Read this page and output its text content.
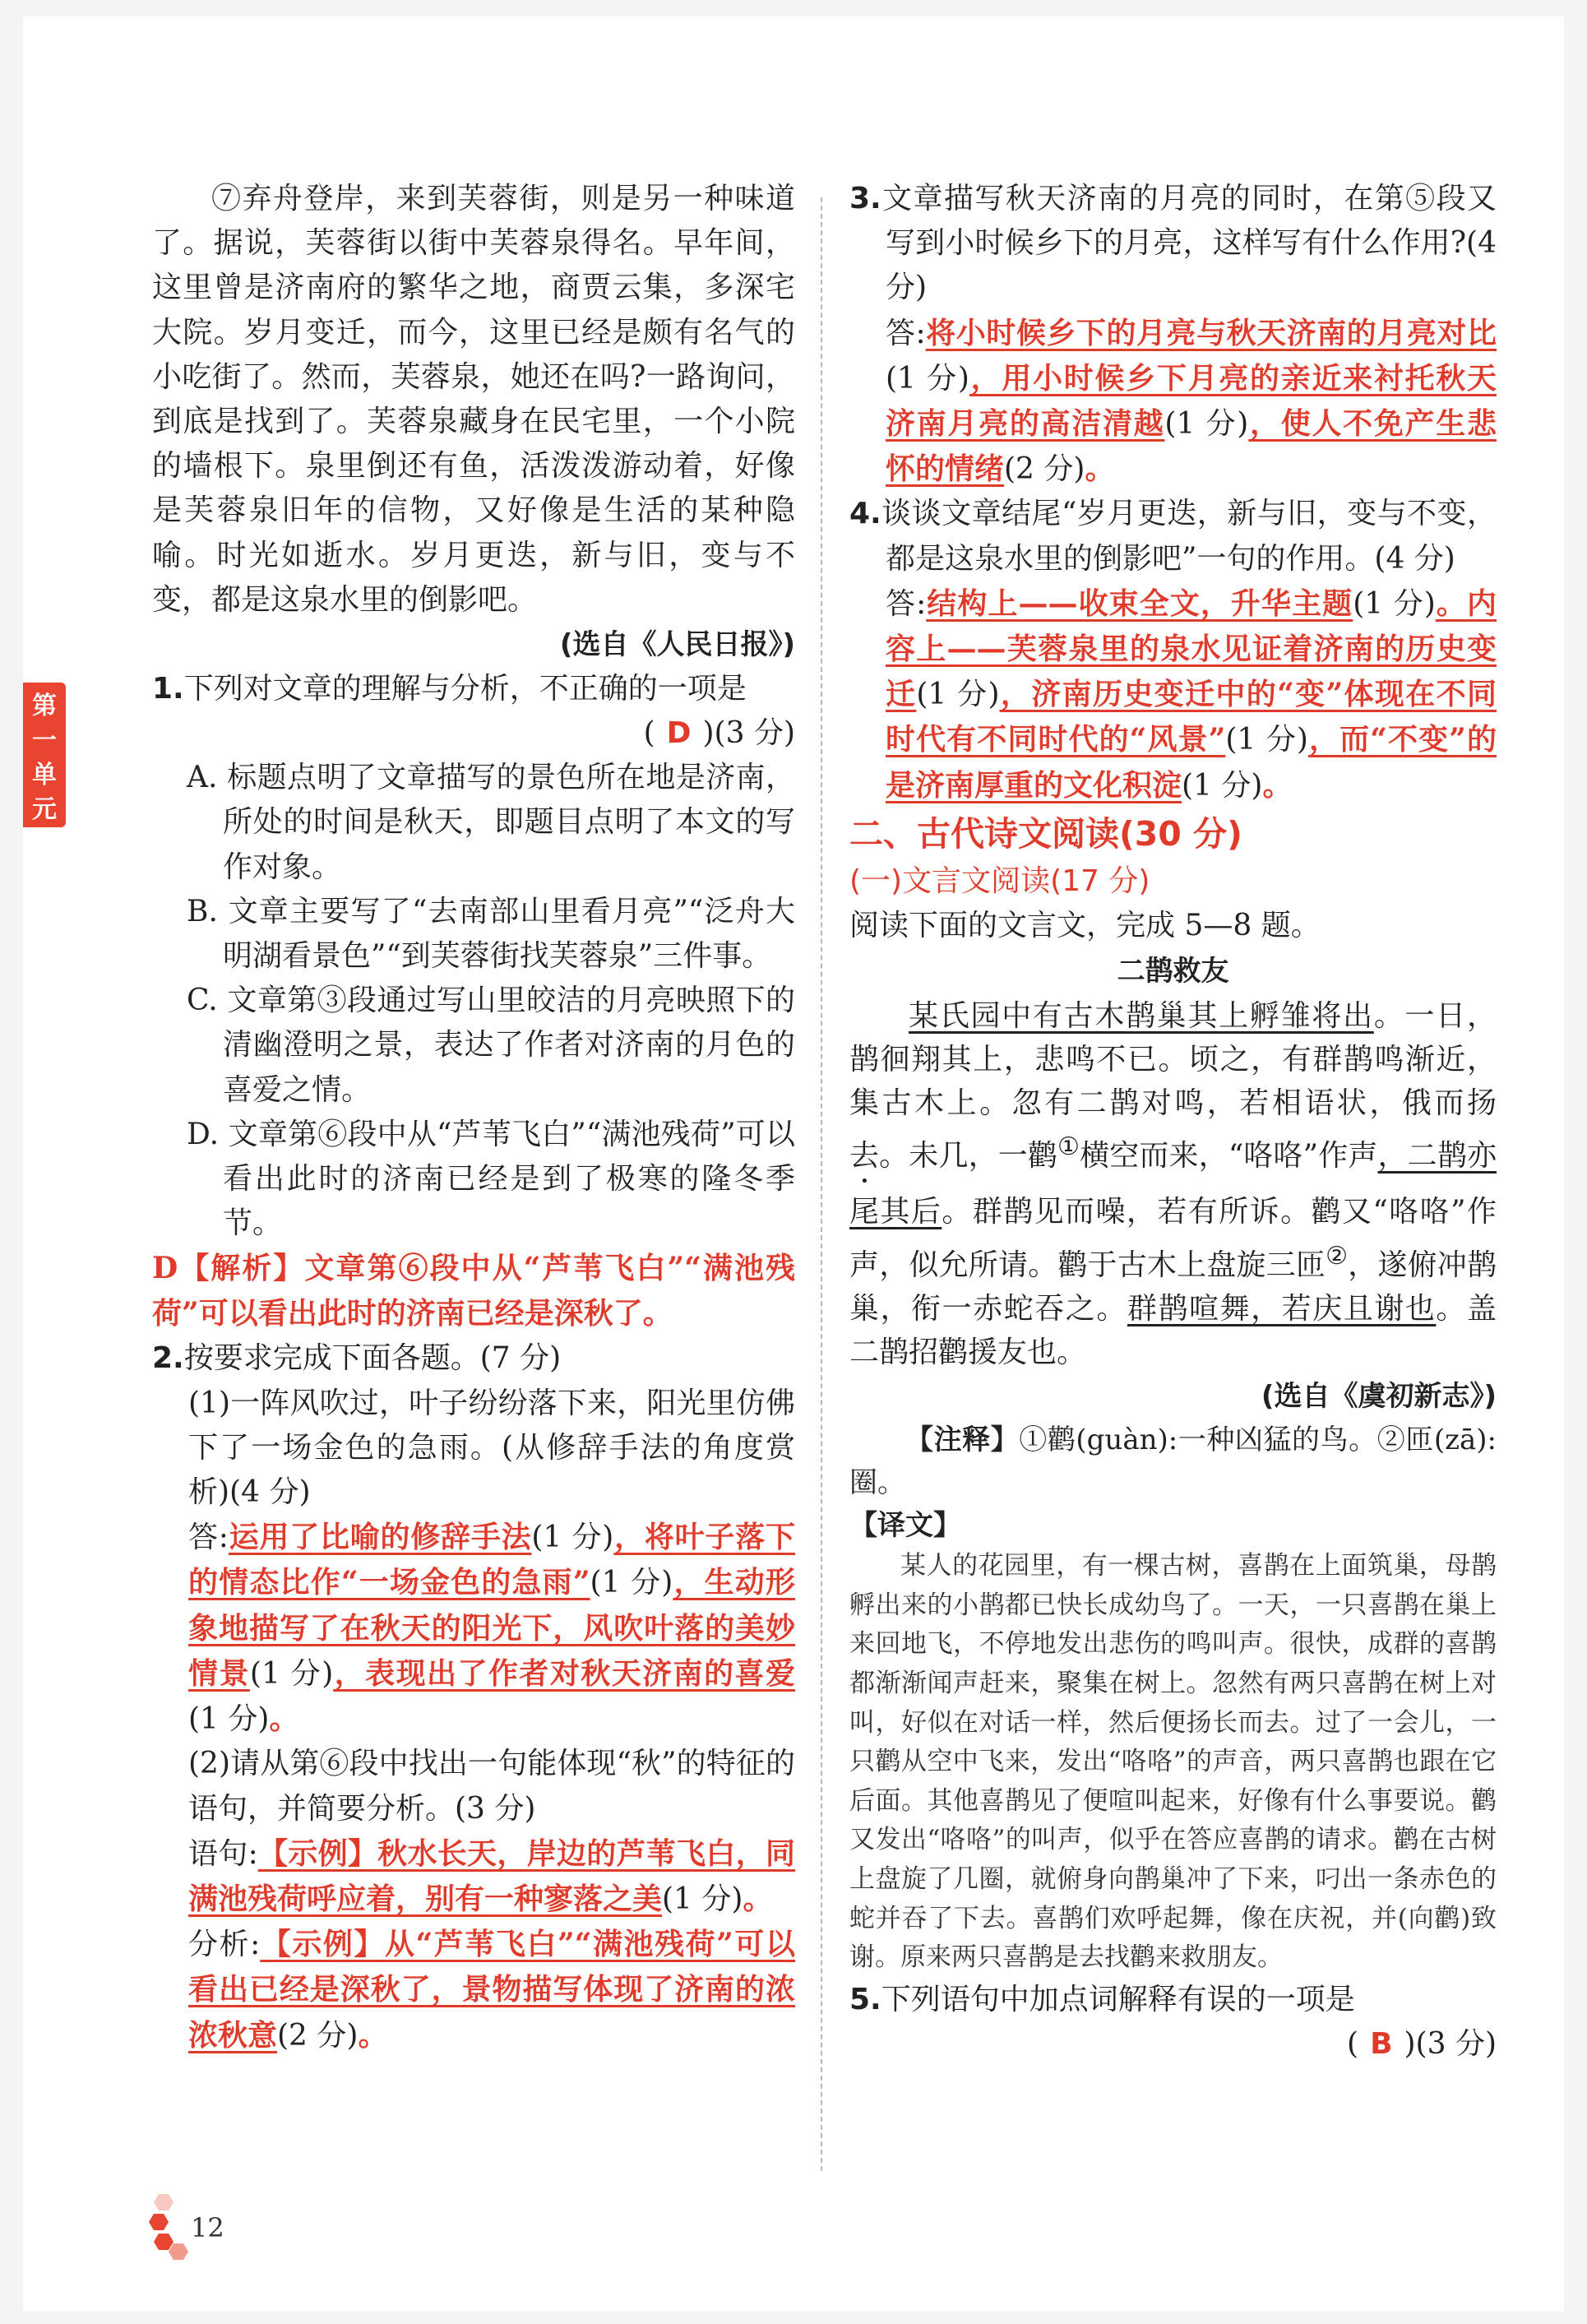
第一单元

⑦弃舟登岸，来到芙蓉街，则是另一种味道了。据说，芙蓉街以街中芙蓉泉得名。早年间，这里曾是济南府的繁华之地，商贾云集，多深宅大院。岁月变迁，而今，这里已经是颇有名气的小吃街了。然而，芙蓉泉，她还在吗?一路询问，到底是找到了。芙蓉泉藏身在民宅里，一个小院的墙根下。泉里倒还有鱼，活泼泼游动着，好像是芙蓉泉旧年的信物，又好像是生活的某种隐喻。时光如逝水。岁月更迭，新与旧，变与不变，都是这泉水里的倒影吧。

(选自《人民日报》)

1.下列对文章的理解与分析，不正确的一项是
( D )(3 分)
A. 标题点明了文章描写的景色所在地是济南，所处的时间是秋天，即题目点明了本文的写作对象。
B. 文章主要写了“去南部山里看月亮”“泛舟大明湖看景色”“到芙蓉街找芙蓉泉”三件事。
C. 文章第③段通过写山里皎洁的月亮映照下的清幽澄明之景，表达了作者对济南的月色的喜爱之情。
D. 文章第⑥段中从“芦苇飞白”“满池残荷”可以看出此时的济南已经是到了极寒的隆冬季节。
D【解析】文章第⑥段中从“芦苇飞白”“满池残荷”可以看出此时的济南已经是深秋了。
2.按要求完成下面各题。(7 分)
(1)一阵风吹过，叶子纷纷落下来，阳光里仿佛下了一场金色的急雨。(从修辞手法的角度赏析)(4 分)
答:运用了比喻的修辞手法(1 分)，将叶子落下的情态比作“一场金色的急雨”(1 分)，生动形象地描写了在秋天的阳光下，风吹叶落的美妙情景(1 分)，表现出了作者对秋天济南的喜爱(1 分)。
(2)请从第⑥段中找出一句能体现“秋”的特征的语句，并简要分析。(3 分)
语句:【示例】秋水长天，岸边的芦苇飞白，同满池残荷呼应着，别有一种寥落之美(1 分)。
分析:【示例】从“芦苇飞白”“满池残荷”可以看出已经是深秋了，景物描写体现了济南的浓浓秋意(2 分)。
3.文章描写秋天济南的月亮的同时，在第⑤段又写到小时候乡下的月亮，这样写有什么作用?(4 分)
答:将小时候乡下的月亮与秋天济南的月亮对比(1 分)，用小时候乡下月亮的亲近来衬托秋天济南月亮的高洁清越(1 分)，使人不免产生悲怀的情绪(2 分)。
4.谈谈文章结尾“岁月更迭，新与旧，变与不变，都是这泉水里的倒影吧”一句的作用。(4 分)
答:结构上——收束全文，升华主题(1 分)。内容上——芙蓉泉里的泉水见证着济南的历史变迁(1 分)，济南历史变迁中的“变”体现在不同时代有不同时代的“风景”(1 分)，而“不变”的是济南厚重的文化积淀(1 分)。
二、古代诗文阅读(30 分)
(一)文言文阅读(17 分)
阅读下面的文言文，完成 5—8 题。
二鹊救友

某氏园中有古木鹊巢其上孵雏将出。一日，鹊徊翔其上，悲鸣不已。顷之，有群鹊鸣渐近，集古木上。忽有二鹊对鸣，若相语状，俄而扬去。未几，一鹳①横空而来，“咯咯”作声，二鹊亦尾其后。群鹊见而噪，若有所诉。鹳又“咯咯”作声，似允所请。鹳于古木上盘旋三匝②，遂俯冲鹊巢，衔一赤蛇吞之。群鹊喧舞，若庆且谢也。盖二鹊招鹳援友也。

(选自《虞初新志》)

【注释】①鹳(guàn):一种凶猛的鸟。②匝(zā):圈。

【译文】

某人的花园里，有一棵古树，喜鹊在上面筑巢，母鹊孵出来的小鹊都已快长成幼鸟了。一天，一只喜鹊在巢上来回地飞，不停地发出悲伤的鸣叫声。很快，成群的喜鹊都渐渐闻声赶来，聚集在树上。忽然有两只喜鹊在树上对叫，好似在对话一样，然后便扬长而去。过了一会儿，一只鹳从空中飞来，发出“咯咯”的声音，两只喜鹊也跟在它后面。其他喜鹊见了便喧叫起来，好像有什么事要说。鹳又发出“咯咯”的叫声，似乎在答应喜鹊的请求。鹳在古树上盘旋了几圈，就俯身向鹊巢冲了下来，叼出一条赤色的蛇并吞了下去。喜鹊们欢呼起舞，像在庆祝，并(向鹳)致谢。原来两只喜鹊是去找鹳来救朋友。

5.下列语句中加点词解释有误的一项是
( B )(3 分)
12
